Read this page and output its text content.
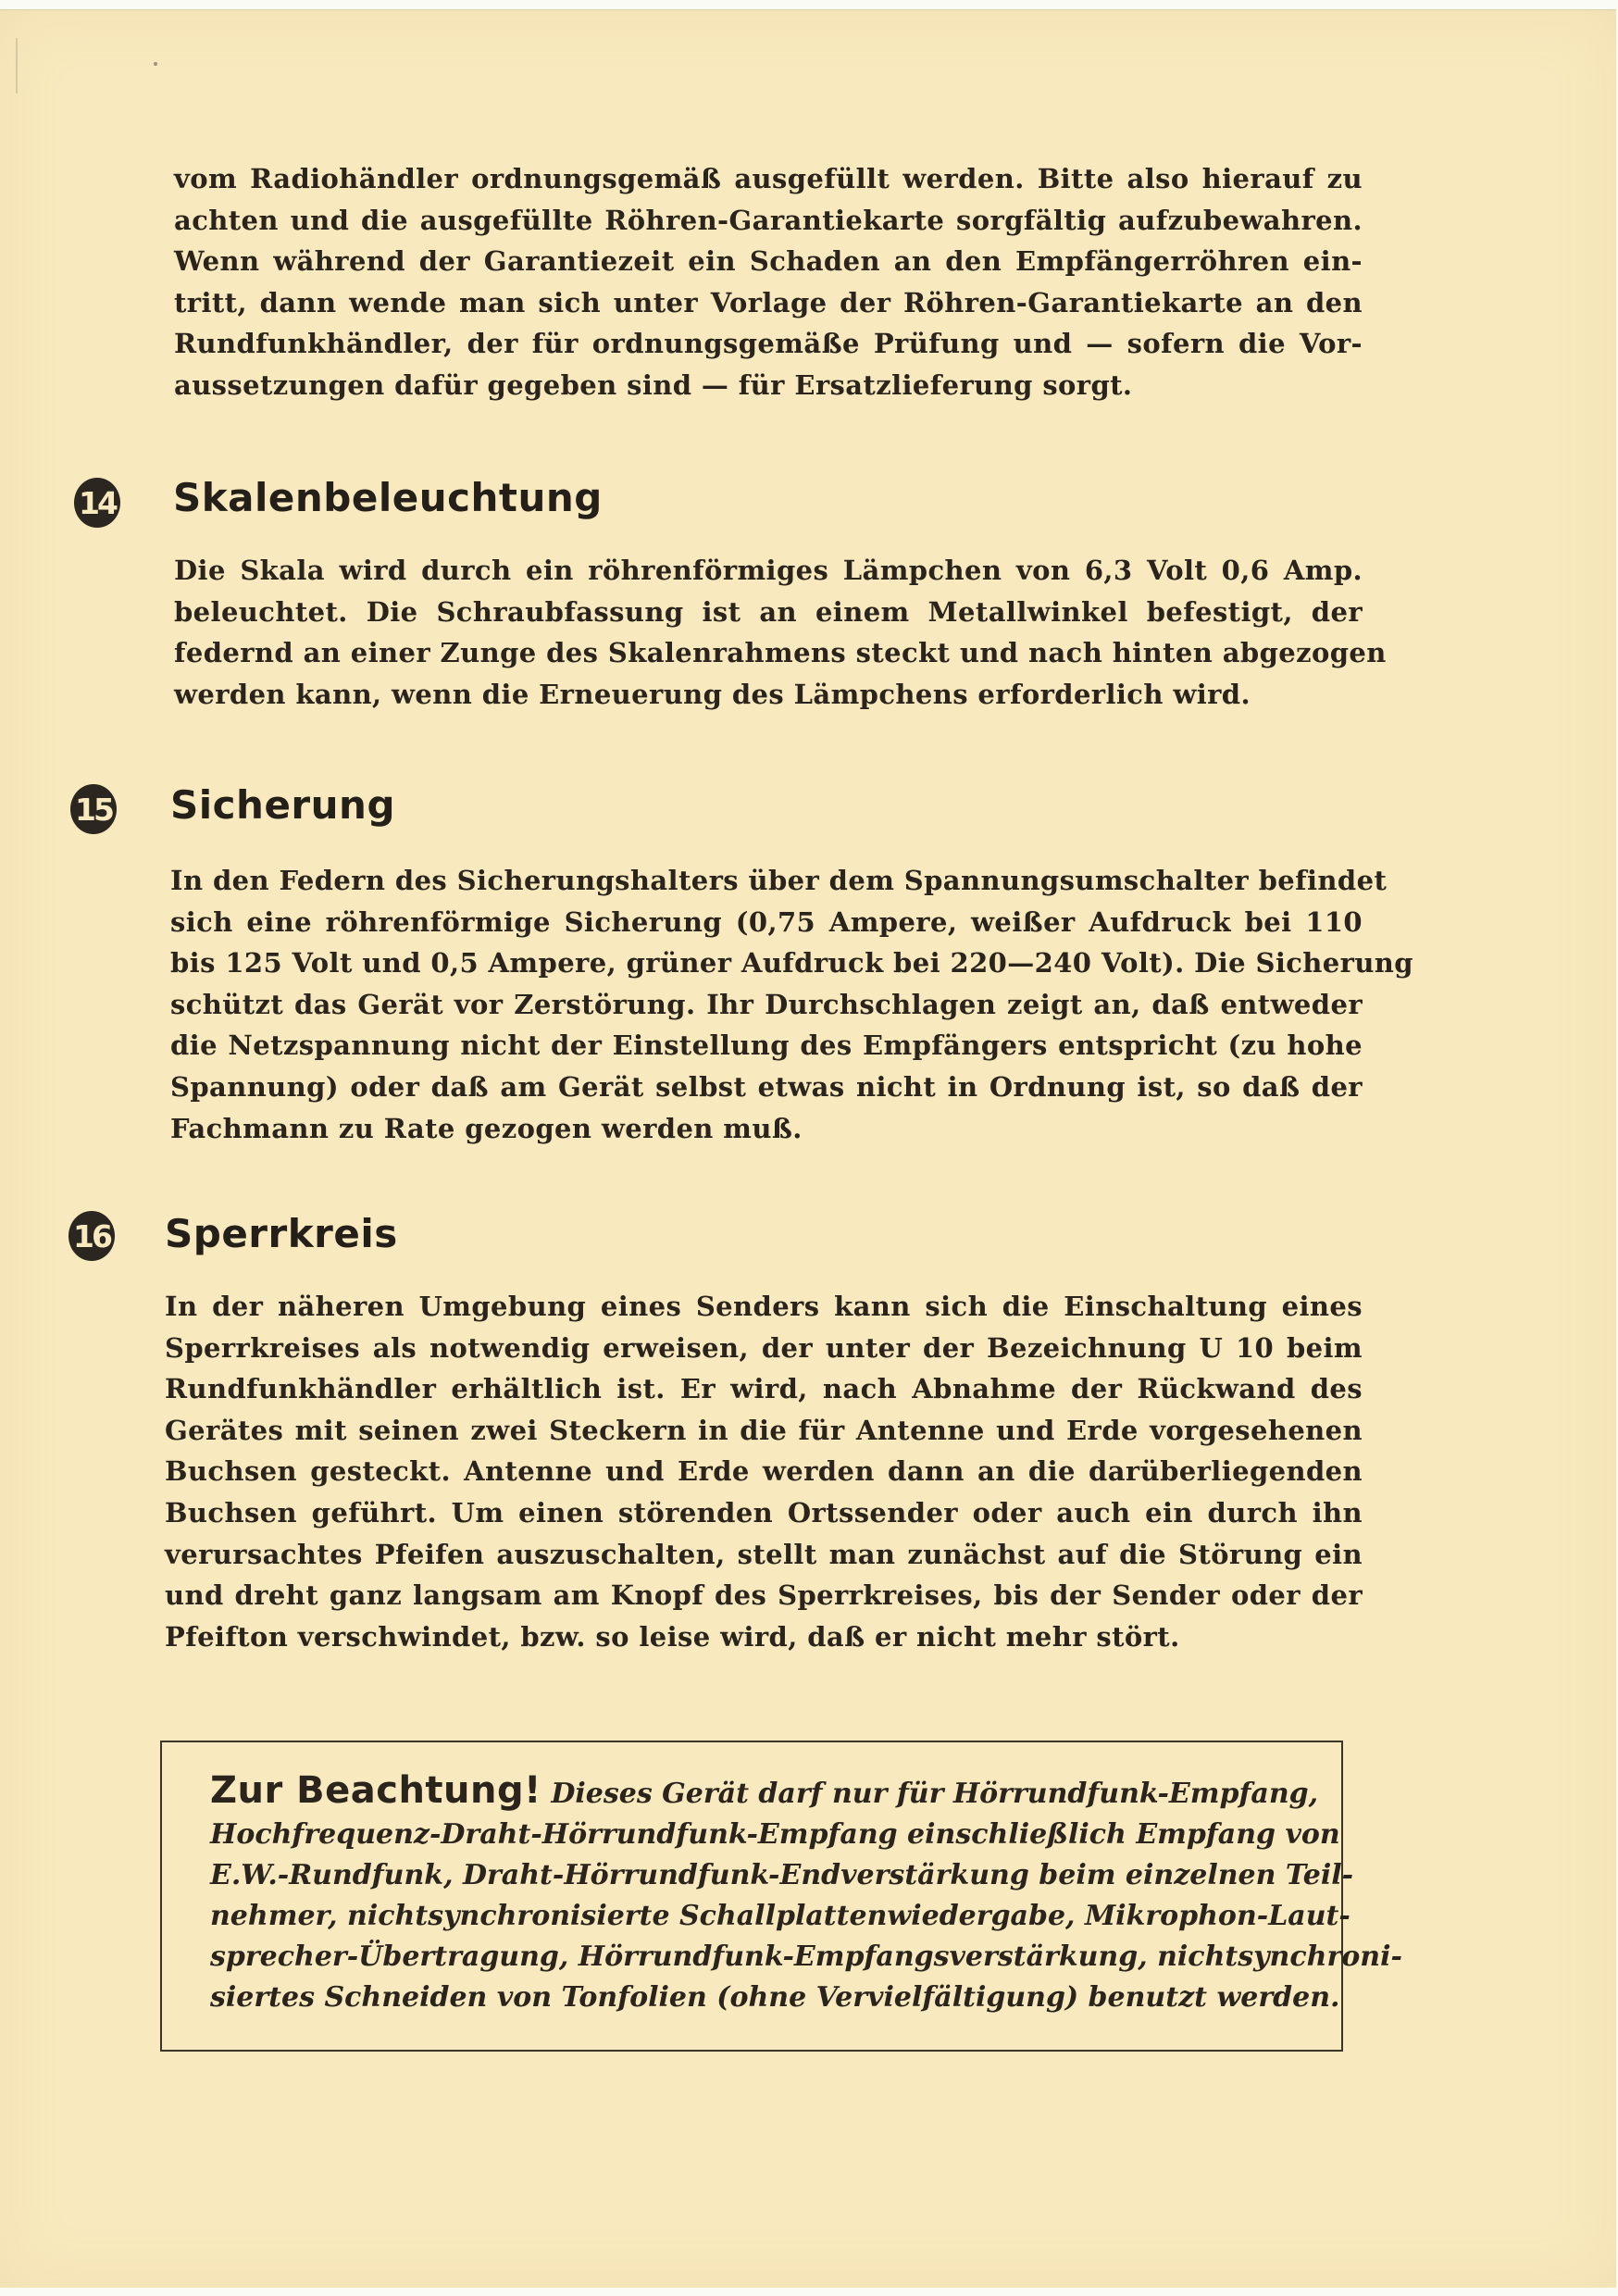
vom Radiohändler ordnungsgemäß ausgefüllt werden. Bitte also hierauf zu
achten und die ausgefüllte Röhren-Garantiekarte sorgfältig aufzubewahren.
Wenn während der Garantiezeit ein Schaden an den Empfängerröhren ein-
tritt, dann wende man sich unter Vorlage der Röhren-Garantiekarte an den
Rundfunkhändler, der für ordnungsgemäße Prüfung und — sofern die Vor-
aussetzungen dafür gegeben sind — für Ersatzlieferung sorgt.
14 Skalenbeleuchtung
Die Skala wird durch ein röhrenförmiges Lämpchen von 6,3 Volt 0,6 Amp.
beleuchtet. Die Schraubfassung ist an einem Metallwinkel befestigt, der
federnd an einer Zunge des Skalenrahmens steckt und nach hinten abgezogen
werden kann, wenn die Erneuerung des Lämpchens erforderlich wird.
15 Sicherung
In den Federn des Sicherungshalters über dem Spannungsumschalter befindet
sich eine röhrenförmige Sicherung (0,75 Ampere, weißer Aufdruck bei 110
bis 125 Volt und 0,5 Ampere, grüner Aufdruck bei 220—240 Volt). Die Sicherung
schützt das Gerät vor Zerstörung. Ihr Durchschlagen zeigt an, daß entweder
die Netzspannung nicht der Einstellung des Empfängers entspricht (zu hohe
Spannung) oder daß am Gerät selbst etwas nicht in Ordnung ist, so daß der
Fachmann zu Rate gezogen werden muß.
16 Sperrkreis
In der näheren Umgebung eines Senders kann sich die Einschaltung eines
Sperrkreises als notwendig erweisen, der unter der Bezeichnung U 10 beim
Rundfunkhändler erhältlich ist. Er wird, nach Abnahme der Rückwand des
Gerätes mit seinen zwei Steckern in die für Antenne und Erde vorgesehenen
Buchsen gesteckt. Antenne und Erde werden dann an die darüberliegenden
Buchsen geführt. Um einen störenden Ortssender oder auch ein durch ihn
verursachtes Pfeifen auszuschalten, stellt man zunächst auf die Störung ein
und dreht ganz langsam am Knopf des Sperrkreises, bis der Sender oder der
Pfeifton verschwindet, bzw. so leise wird, daß er nicht mehr stört.
Zur Beachtung! Dieses Gerät darf nur für Hörrundfunk-Empfang,
Hochfrequenz-Draht-Hörrundfunk-Empfang einschließlich Empfang von
E.W.-Rundfunk, Draht-Hörrundfunk-Endverstärkung beim einzelnen Teil-
nehmer, nichtsynchronisierte Schallplattenwiedergabe, Mikrophon-Laut-
sprecher-Übertragung, Hörrundfunk-Empfangsverstärkung, nichtsynchroni-
siertes Schneiden von Tonfolien (ohne Vervielfältigung) benutzt werden.
